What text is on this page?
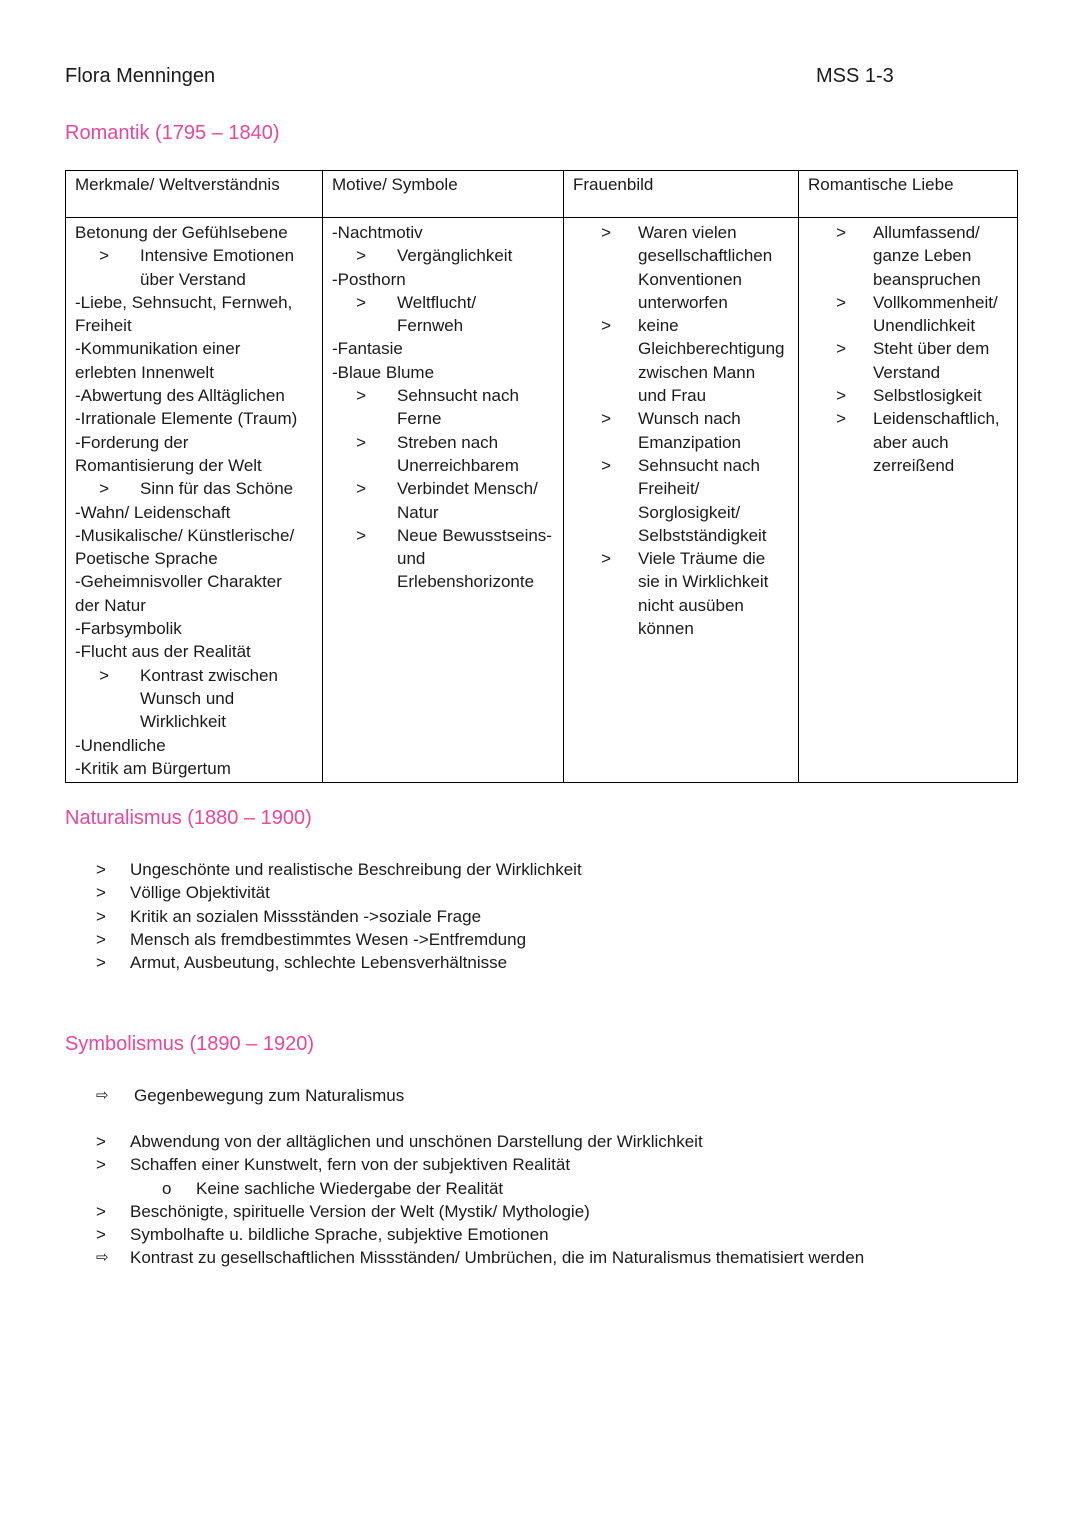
Flora Menningen	MSS 1-3
Romantik (1795 – 1840)
Merkmale/ Weltverständnis	Motive/ Symbole	Frauenbild	Romantische Liebe

Betonung der Gefühlsebene
>	Intensive Emotionen
über Verstand
-Liebe, Sehnsucht, Fernweh,
Freiheit
-Kommunikation einer
erlebten Innenwelt
-Abwertung des Alltäglichen
-Irrationale Elemente (Traum)
-Forderung der
Romantisierung der Welt
>	Sinn für das Schöne
-Wahn/ Leidenschaft
-Musikalische/ Künstlerische/
Poetische Sprache
-Geheimnisvoller Charakter
der Natur
-Farbsymbolik
-Flucht aus der Realität
>	Kontrast zwischen
Wunsch und
Wirklichkeit
-Unendliche
-Kritik am Bürgertum

-Nachtmotiv
>	Vergänglichkeit
-Posthorn
>	Weltflucht/
Fernweh
-Fantasie
-Blaue Blume
>	Sehnsucht nach
Ferne
>	Streben nach
Unerreichbarem
>	Verbindet Mensch/
Natur
>	Neue Bewusstseins-
und
Erlebenshorizonte

>	Waren vielen
gesellschaftlichen
Konventionen
unterworfen
>	keine
Gleichberechtigung
zwischen Mann
und Frau
>	Wunsch nach
Emanzipation
>	Sehnsucht nach
Freiheit/
Sorglosigkeit/
Selbstständigkeit
>	Viele Träume die
sie in Wirklichkeit
nicht ausüben
können

>	Allumfassend/
ganze Leben
beanspruchen
>	Vollkommenheit/
Unendlichkeit
>	Steht über dem
Verstand
>	Selbstlosigkeit
>	Leidenschaftlich,
aber auch
zerreißend
Naturalismus (1880 – 1900)
>	Ungeschönte und realistische Beschreibung der Wirklichkeit
>	Völlige Objektivität
>	Kritik an sozialen Missständen ->soziale Frage
>	Mensch als fremdbestimmtes Wesen ->Entfremdung
>	Armut, Ausbeutung, schlechte Lebensverhältnisse
Symbolismus (1890 – 1920)
⇨	Gegenbewegung zum Naturalismus
>	Abwendung von der alltäglichen und unschönen Darstellung der Wirklichkeit
>	Schaffen einer Kunstwelt, fern von der subjektiven Realität
o	Keine sachliche Wiedergabe der Realität
>	Beschönigte, spirituelle Version der Welt (Mystik/ Mythologie)
>	Symbolhafte u. bildliche Sprache, subjektive Emotionen
⇨	Kontrast zu gesellschaftlichen Missständen/ Umbrüchen, die im Naturalismus thematisiert werden
